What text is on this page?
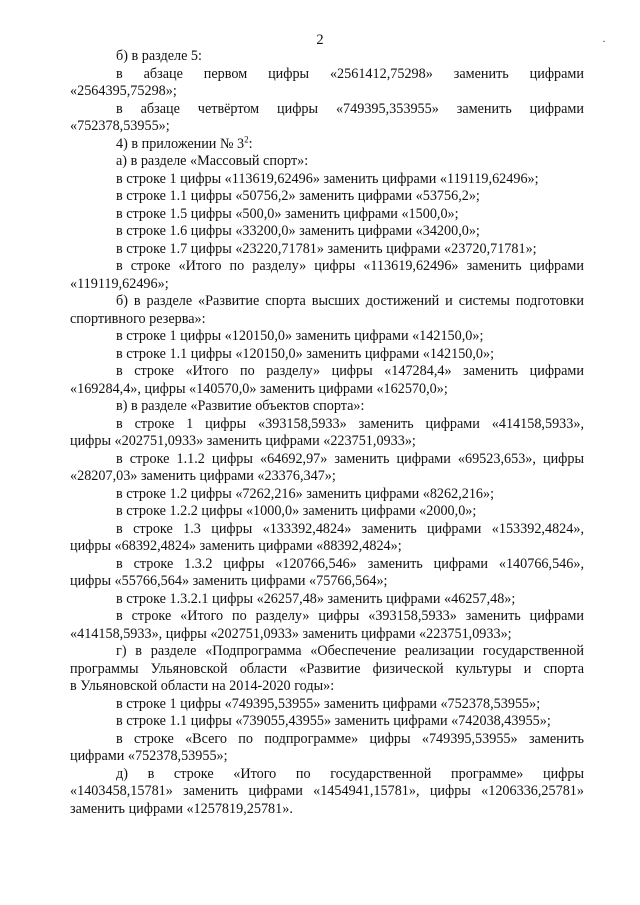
2	·
б) в разделе 5:
в абзаце первом цифры «2561412,75298» заменить цифрами
«2564395,75298»;
в абзаце четвёртом цифры «749395,353955» заменить цифрами
«752378,53955»;
4) в приложении № $3^2$:
а) в разделе «Массовый спорт»:
в строке 1 цифры «113619,62496» заменить цифрами «119119,62496»;
в строке 1.1 цифры «50756,2» заменить цифрами «53756,2»;
в строке 1.5 цифры «500,0» заменить цифрами «1500,0»;
в строке 1.6 цифры «33200,0» заменить цифрами «34200,0»;
в строке 1.7 цифры «23220,71781» заменить цифрами «23720,71781»;
в строке «Итого по разделу» цифры «113619,62496» заменить цифрами
«119119,62496»;
б) в разделе «Развитие спорта высших достижений и системы подготовки
спортивного резерва»:
в строке 1 цифры «120150,0» заменить цифрами «142150,0»;
в строке 1.1 цифры «120150,0» заменить цифрами «142150,0»;
в строке «Итого по разделу» цифры «147284,4» заменить цифрами
«169284,4», цифры «140570,0» заменить цифрами «162570,0»;
в) в разделе «Развитие объектов спорта»:
в строке 1 цифры «393158,5933» заменить цифрами «414158,5933»,
цифры «202751,0933» заменить цифрами «223751,0933»;
в строке 1.1.2 цифры «64692,97» заменить цифрами «69523,653», цифры
«28207,03» заменить цифрами «23376,347»;
в строке 1.2 цифры «7262,216» заменить цифрами «8262,216»;
в строке 1.2.2 цифры «1000,0» заменить цифрами «2000,0»;
в строке 1.3 цифры «133392,4824» заменить цифрами «153392,4824»,
цифры «68392,4824» заменить цифрами «88392,4824»;
в строке 1.3.2 цифры «120766,546» заменить цифрами «140766,546»,
цифры «55766,564» заменить цифрами «75766,564»;
в строке 1.3.2.1 цифры «26257,48» заменить цифрами «46257,48»;
в строке «Итого по разделу» цифры «393158,5933» заменить цифрами
«414158,5933», цифры «202751,0933» заменить цифрами «223751,0933»;
г) в разделе «Подпрограмма «Обеспечение реализации государственной
программы Ульяновской области «Развитие физической культуры и спорта
в Ульяновской области на 2014-2020 годы»:
в строке 1 цифры «749395,53955» заменить цифрами «752378,53955»;
в строке 1.1 цифры «739055,43955» заменить цифрами «742038,43955»;
в строке «Всего по подпрограмме» цифры «749395,53955» заменить
цифрами «752378,53955»;
д) в строке «Итого по государственной программе» цифры
«1403458,15781» заменить цифрами «1454941,15781», цифры «1206336,25781»
заменить цифрами «1257819,25781».
